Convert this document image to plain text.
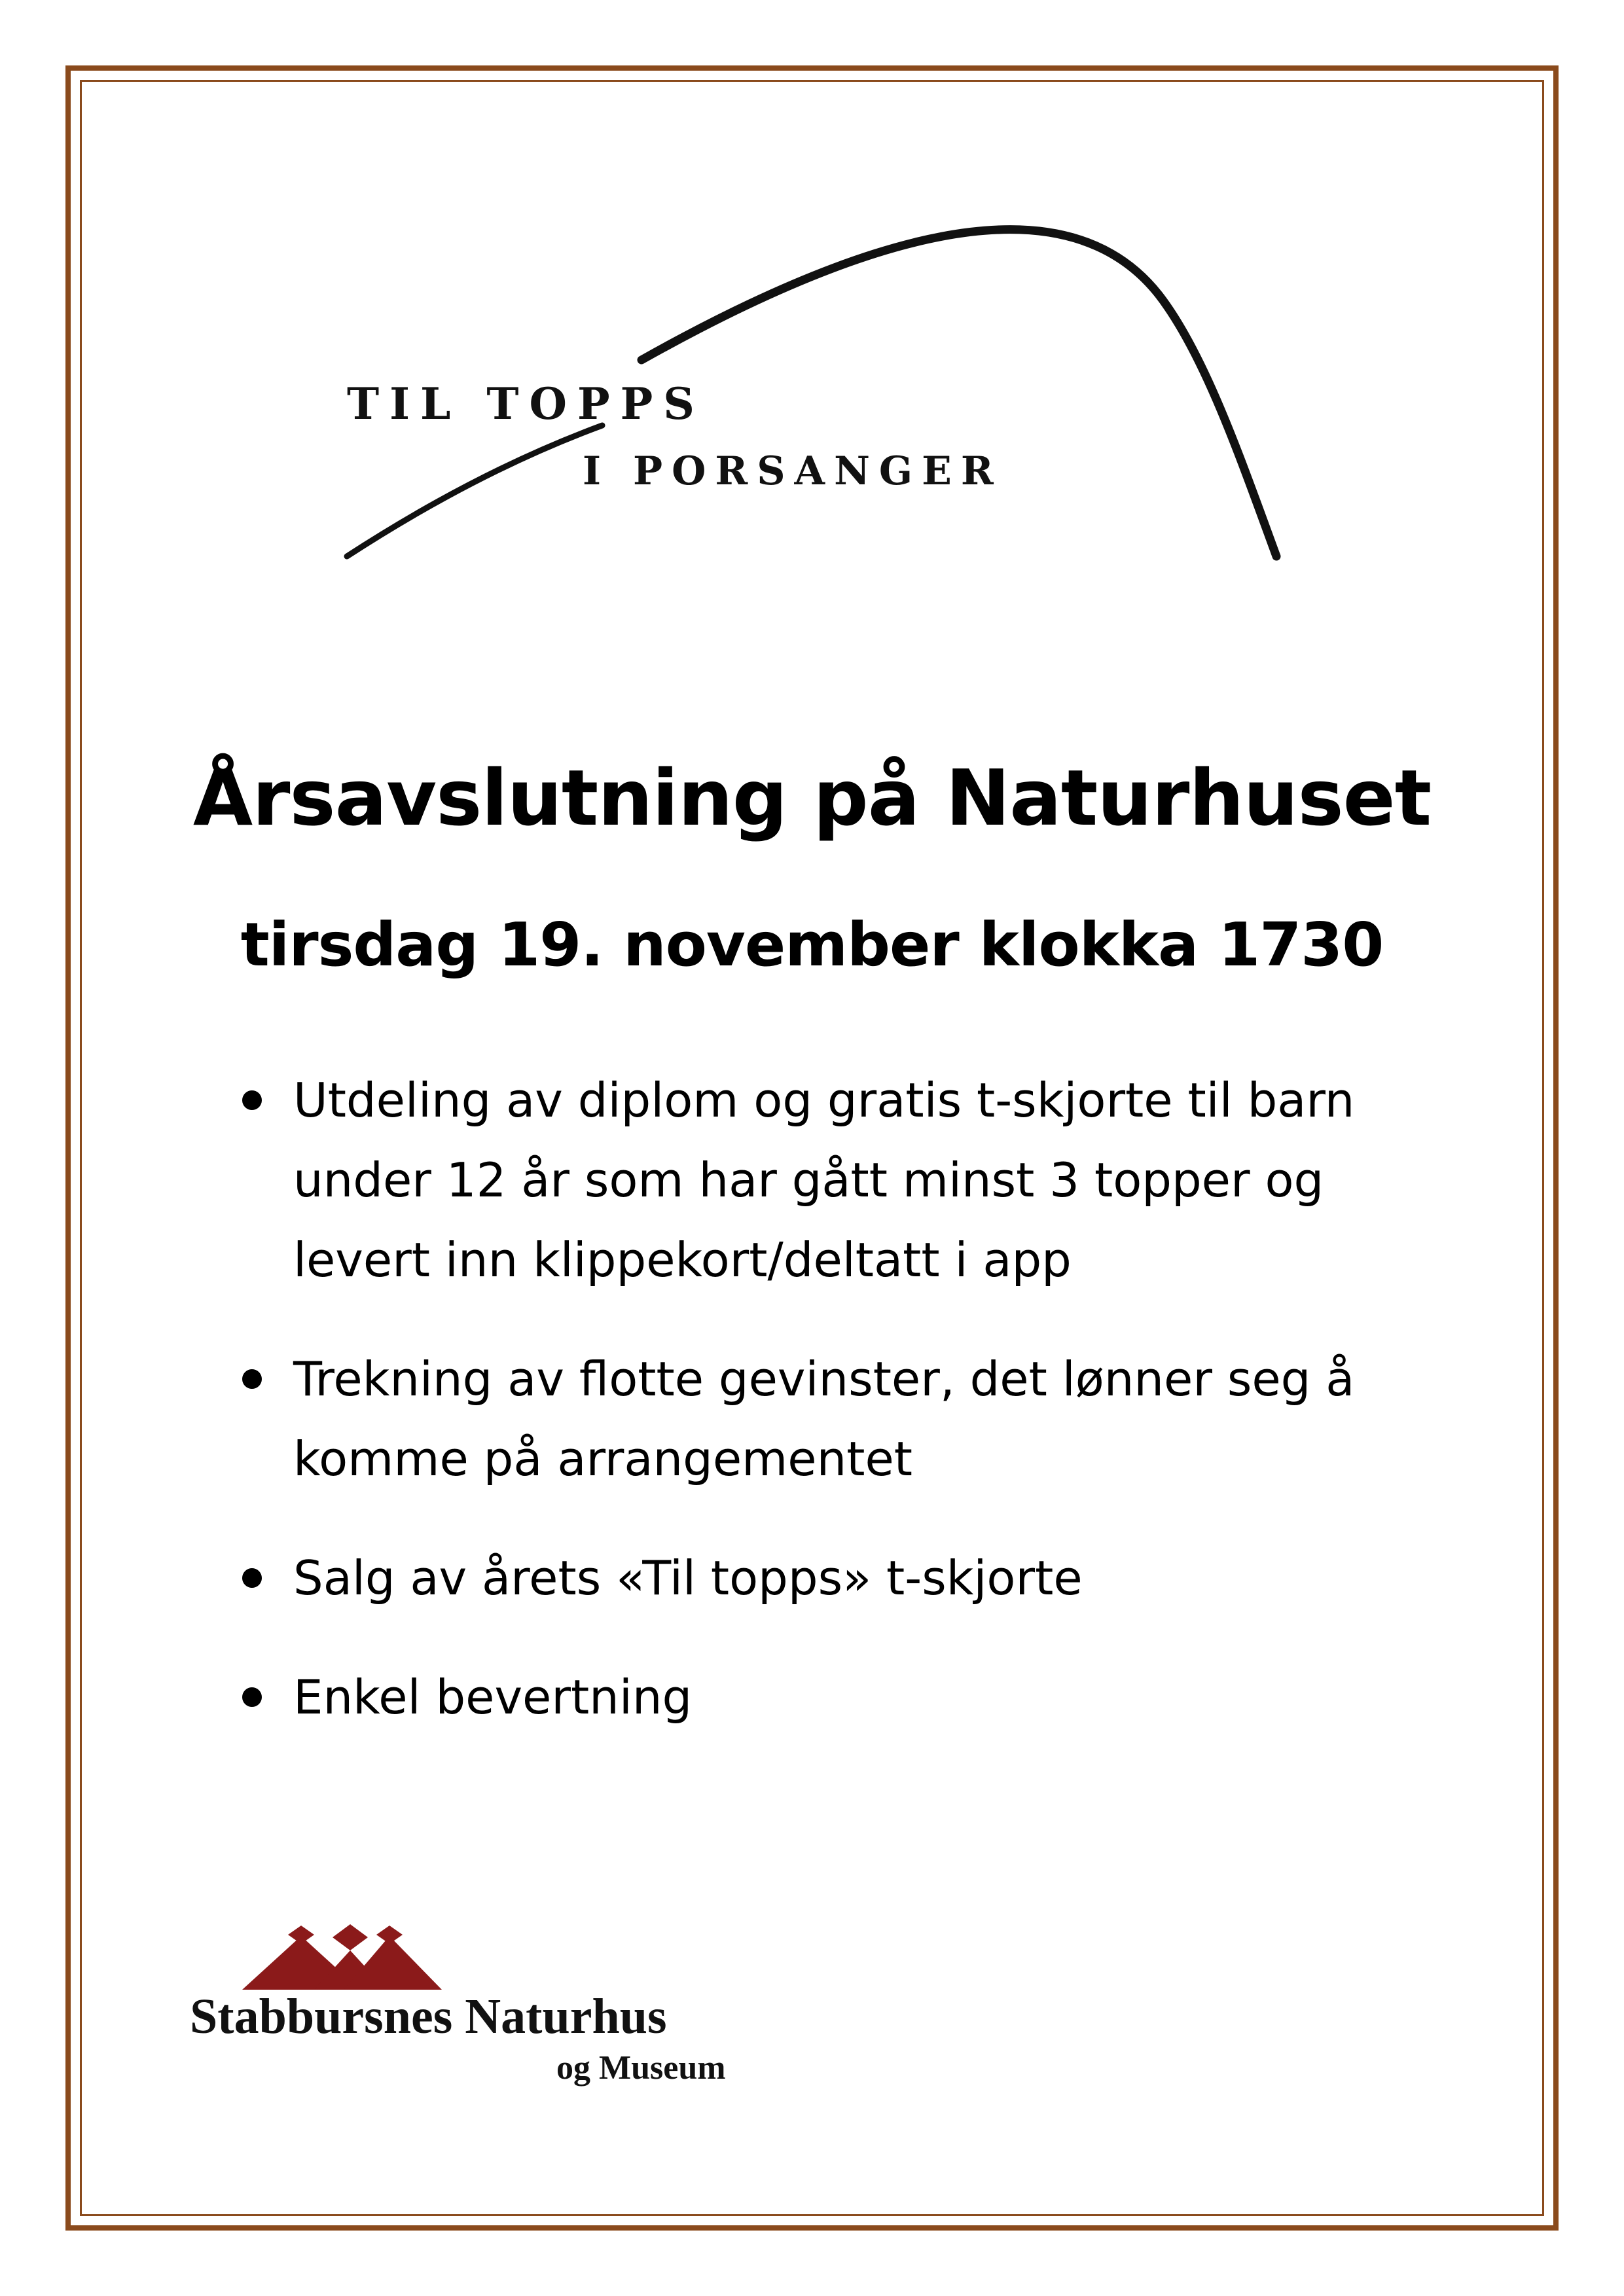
TIL TOPPS
I PORSANGER
Årsavslutning på Naturhuset
tirsdag 19. november klokka 1730
Utdeling av diplom og gratis t-skjorte til barn under 12 år som har gått minst 3 topper og levert inn klippekort/deltatt i app
Trekning av flotte gevinster, det lønner seg å komme på arrangementet
Salg av årets «Til topps» t-skjorte
Enkel bevertning
Stabbursnes Naturhus
og Museum
